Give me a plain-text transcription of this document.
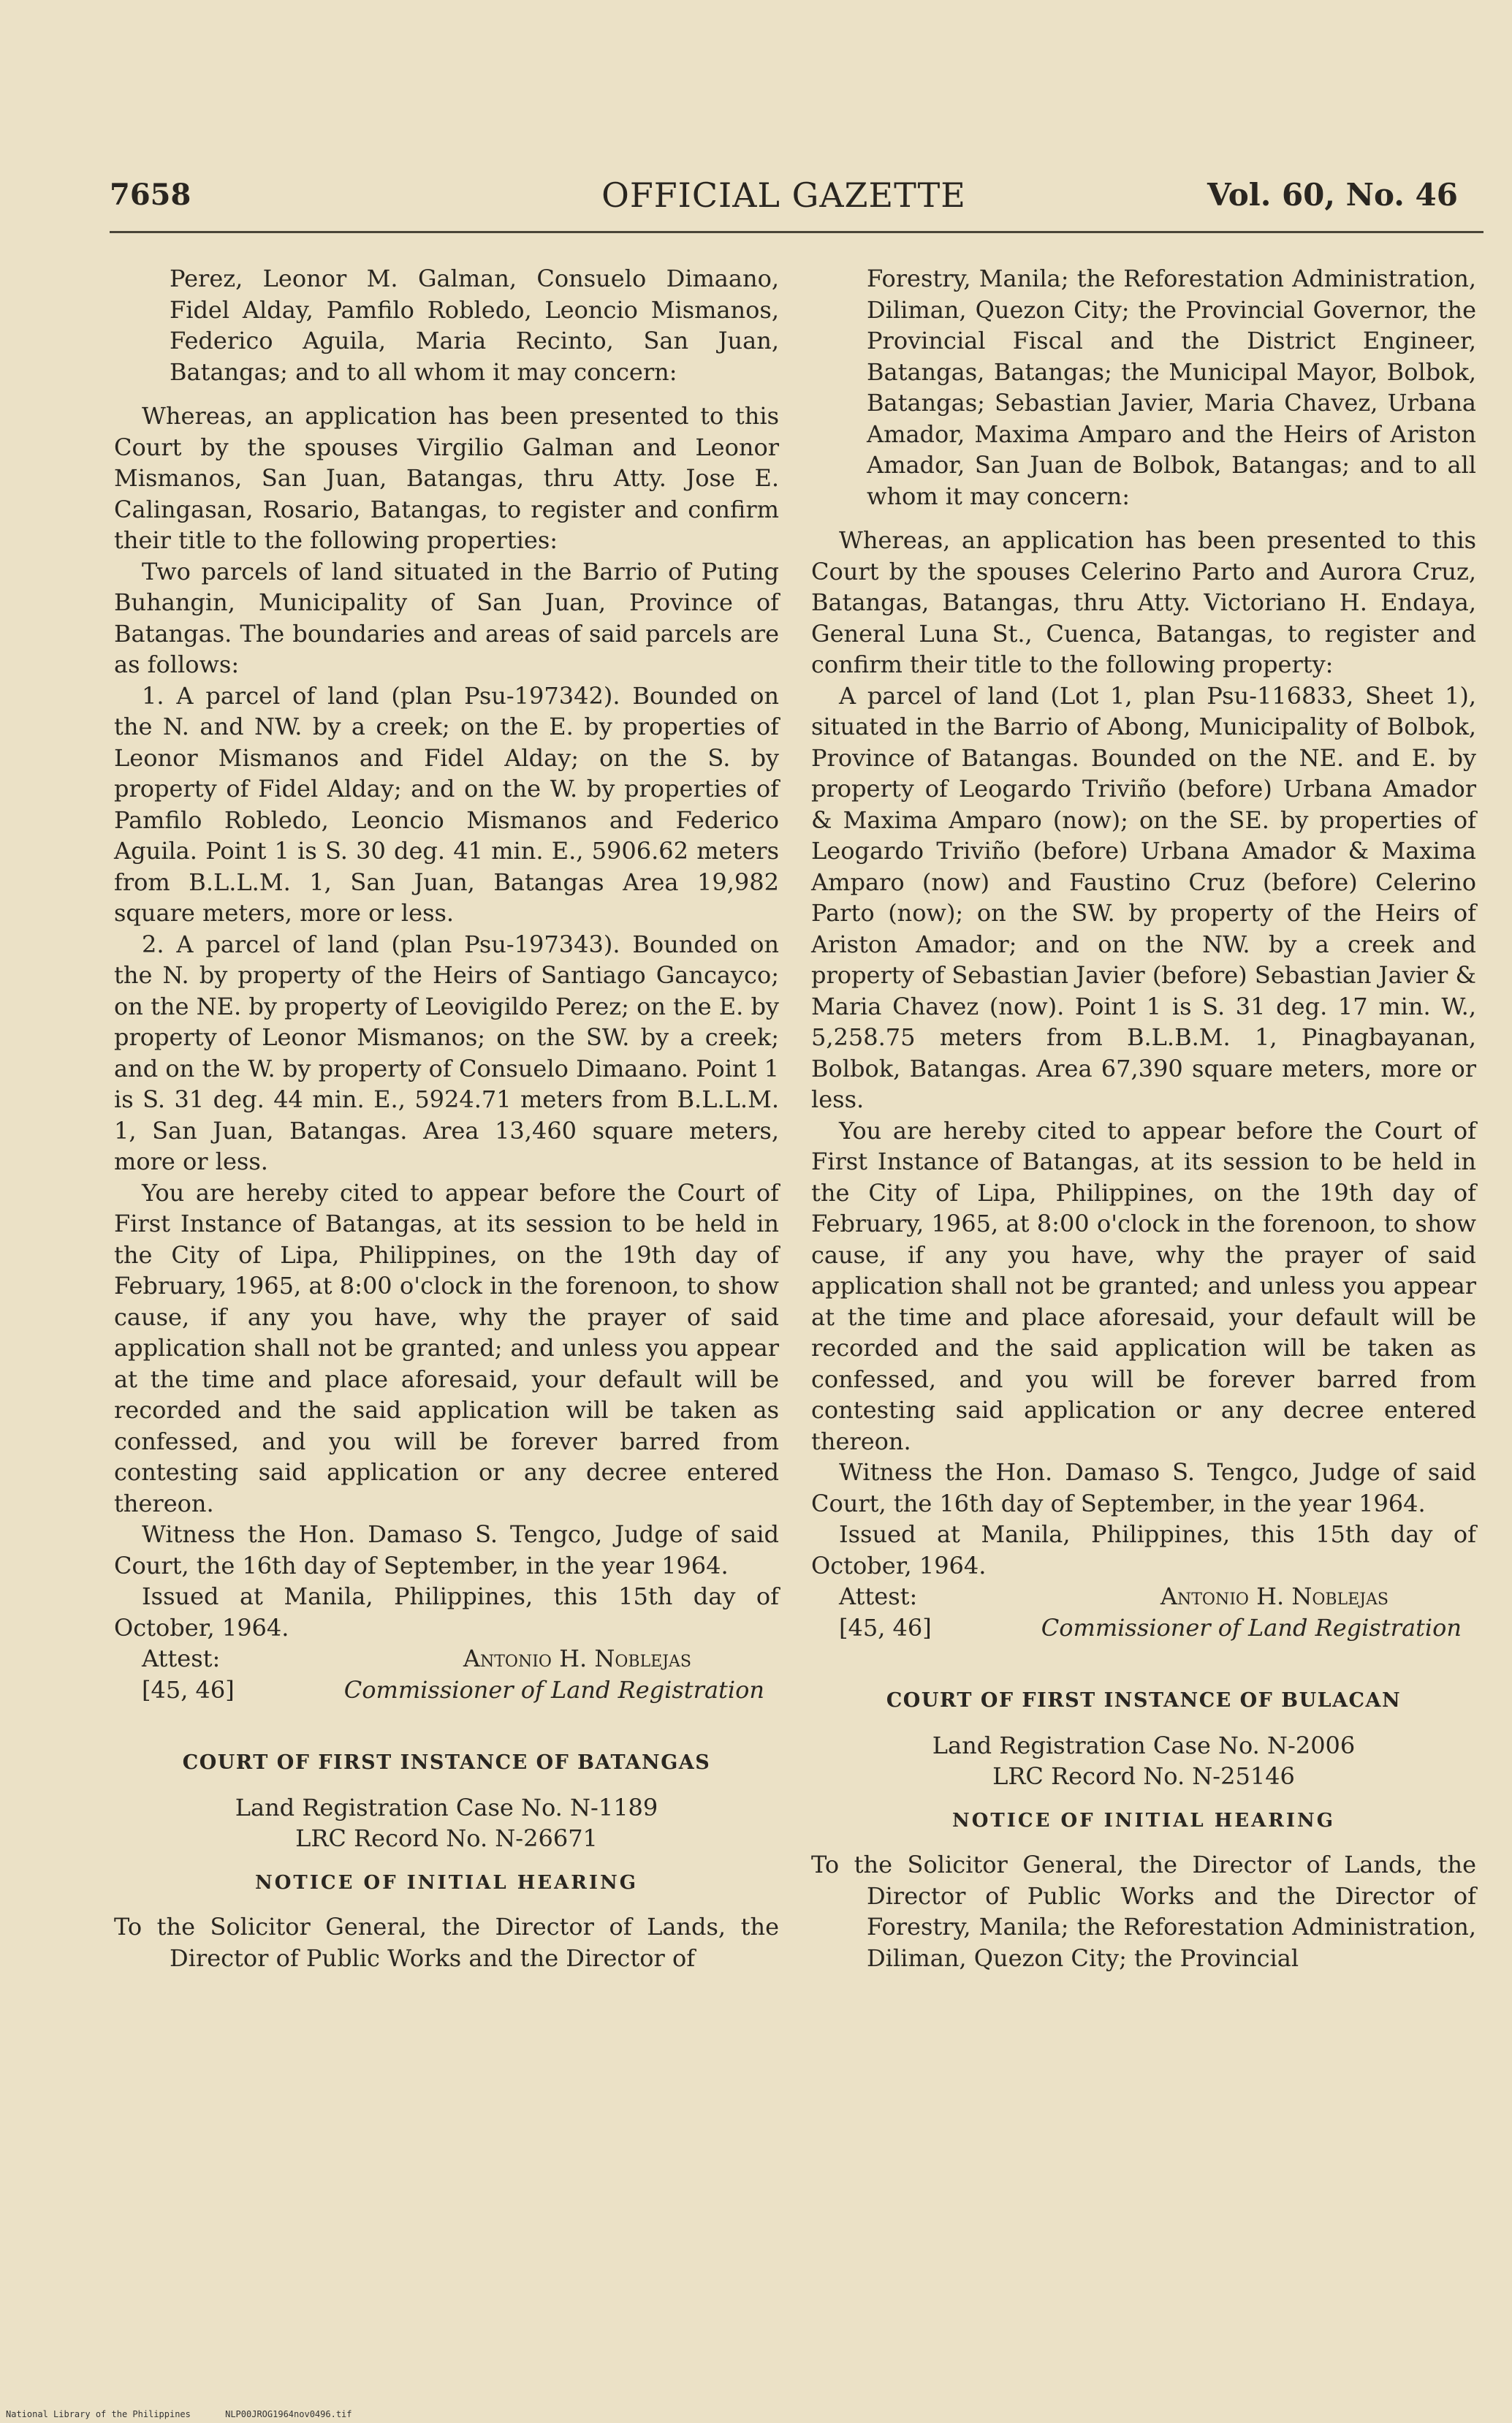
OFFICIAL GAZETTE
7658	Vol. 60, No. 46

Perez, Leonor M. Galman, Consuelo Dimaano, Fidel Alday, Pamfilo Robledo, Leoncio Mismanos, Federico Aguila, Maria Recinto, San Juan, Batangas; and to all whom it may concern:

Whereas, an application has been presented to this Court by the spouses Virgilio Galman and Leonor Mismanos, San Juan, Batangas, thru Atty. Jose E. Calingasan, Rosario, Batangas, to register and confirm their title to the following properties:

Two parcels of land situated in the Barrio of Puting Buhangin, Municipality of San Juan, Province of Batangas. The boundaries and areas of said parcels are as follows:

1. A parcel of land (plan Psu-197342). Bounded on the N. and NW. by a creek; on the E. by properties of Leonor Mismanos and Fidel Alday; on the S. by property of Fidel Alday; and on the W. by properties of Pamfilo Robledo, Leoncio Mismanos and Federico Aguila. Point 1 is S. 30 deg. 41 min. E., 5906.62 meters from B.L.L.M. 1, San Juan, Batangas Area 19,982 square meters, more or less.

2. A parcel of land (plan Psu-197343). Bounded on the N. by property of the Heirs of Santiago Gancayco; on the NE. by property of Leovigildo Perez; on the E. by property of Leonor Mismanos; on the SW. by a creek; and on the W. by property of Consuelo Dimaano. Point 1 is S. 31 deg. 44 min. E., 5924.71 meters from B.L.L.M. 1, San Juan, Batangas. Area 13,460 square meters, more or less.

You are hereby cited to appear before the Court of First Instance of Batangas, at its session to be held in the City of Lipa, Philippines, on the 19th day of February, 1965, at 8:00 o'clock in the forenoon, to show cause, if any you have, why the prayer of said application shall not be granted; and unless you appear at the time and place aforesaid, your default will be recorded and the said application will be taken as confessed, and you will be forever barred from contesting said application or any decree entered thereon.

Witness the Hon. Damaso S. Tengco, Judge of said Court, the 16th day of September, in the year 1964.

Issued at Manila, Philippines, this 15th day of October, 1964.

Attest:	Antonio H. Noblejas
[45, 46]	Commissioner of Land Registration

COURT OF FIRST INSTANCE OF BATANGAS

Land Registration Case No. N-1189

LRC Record No. N-26671

NOTICE OF INITIAL HEARING

To the Solicitor General, the Director of Lands, the Director of Public Works and the Director of

Forestry, Manila; the Reforestation Administration, Diliman, Quezon City; the Provincial Governor, the Provincial Fiscal and the District Engineer, Batangas, Batangas; the Municipal Mayor, Bolbok, Batangas; Sebastian Javier, Maria Chavez, Urbana Amador, Maxima Amparo and the Heirs of Ariston Amador, San Juan de Bolbok, Batangas; and to all whom it may concern:

Whereas, an application has been presented to this Court by the spouses Celerino Parto and Aurora Cruz, Batangas, Batangas, thru Atty. Victoriano H. Endaya, General Luna St., Cuenca, Batangas, to register and confirm their title to the following property:

A parcel of land (Lot 1, plan Psu-116833, Sheet 1), situated in the Barrio of Abong, Municipality of Bolbok, Province of Batangas. Bounded on the NE. and E. by property of Leogardo Triviño (before) Urbana Amador & Maxima Amparo (now); on the SE. by properties of Leogardo Triviño (before) Urbana Amador & Maxima Amparo (now) and Faustino Cruz (before) Celerino Parto (now); on the SW. by property of the Heirs of Ariston Amador; and on the NW. by a creek and property of Sebastian Javier (before) Sebastian Javier & Maria Chavez (now). Point 1 is S. 31 deg. 17 min. W., 5,258.75 meters from B.L.B.M. 1, Pinagbayanan, Bolbok, Batangas. Area 67,390 square meters, more or less.

You are hereby cited to appear before the Court of First Instance of Batangas, at its session to be held in the City of Lipa, Philippines, on the 19th day of February, 1965, at 8:00 o'clock in the forenoon, to show cause, if any you have, why the prayer of said application shall not be granted; and unless you appear at the time and place aforesaid, your default will be recorded and the said application will be taken as confessed, and you will be forever barred from contesting said application or any decree entered thereon.

Witness the Hon. Damaso S. Tengco, Judge of said Court, the 16th day of September, in the year 1964.

Issued at Manila, Philippines, this 15th day of October, 1964.

Attest:	Antonio H. Noblejas
[45, 46]	Commissioner of Land Registration

COURT OF FIRST INSTANCE OF BULACAN

Land Registration Case No. N-2006

LRC Record No. N-25146

NOTICE OF INITIAL HEARING

To the Solicitor General, the Director of Lands, the Director of Public Works and the Director of Forestry, Manila; the Reforestation Administration, Diliman, Quezon City; the Provincial

National Library of the Philippines	NLP00JROG1964nov0496.tif
